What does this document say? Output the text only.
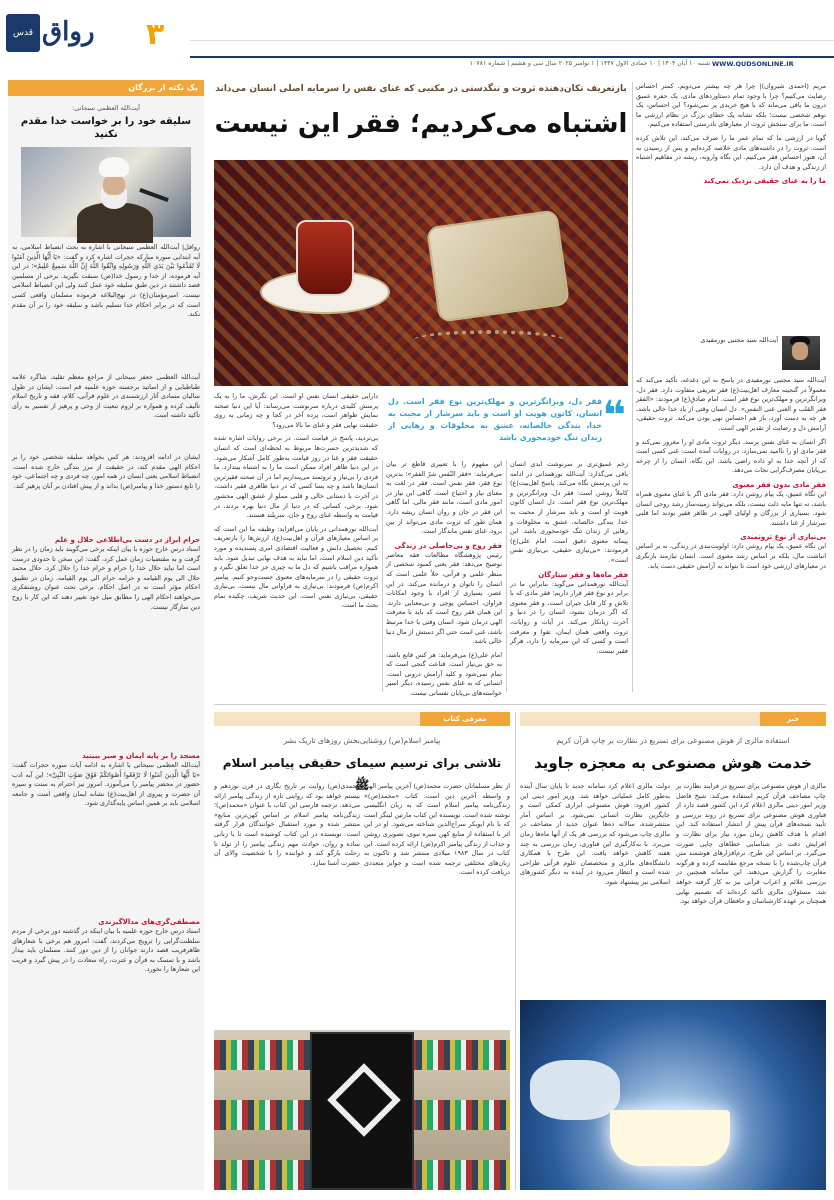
قدس رواق	۳
WWW.QUDSONLINE.IR
شنبه ۱۰ آبان ۱۴۰۴ | ۱۰ جمادی الاول ۱۴۴۷ | ۱ نوامبر ۲۰۲۵ سال سی و هشتم | شماره ۱۰۷۸۱
یک نکته از بزرگان
آیت‌الله العظمی سبحانی:
سلیقه خود را بر خواست خدا مقدم نکنید
روافل| آیت‌الله العظمی سبحانی با اشاره به بحث انضباط اسلامی، به آیه ابتدایی سوره مبارکه حجرات اشاره کرد و گفت: «یَا أَیُّهَا الَّذِینَ آمَنُوا لَا تُقَدِّمُوا بَیْنَ یَدَیِ اللَّهِ وَرَسُولِهِ وَاتَّقُوا اللَّهَ إِنَّ اللَّهَ سَمِیعٌ عَلِیمٌ»؛ در این آیه فرموده، از خدا و رسول خدا(ص) سبقت نگیرید. برخی از مسلمین قصد داشتند در دین طبق سلیقه خود عمل کنند ولی این انضباط اسلامی نیست. امیرمؤمنان(ع) در نهج‌البلاغه فرموده مسلمان واقعی کسی است که در برابر احکام خدا تسلیم باشد و سلیقه خود را بر آن مقدم نکند.
آیت‌الله العظمی جعفر سبحانی از مراجع معظم تقلید، شاگرد علامه طباطبایی و از اساتید برجسته حوزه علمیه قم است. ایشان در طول سالیان متمادی آثار ارزشمندی در علوم قرآنی، کلام، فقه و تاریخ اسلام تألیف کرده و همواره بر لزوم تبعیت از وحی و پرهیز از تفسیر به رأی تأکید داشته است.
ایشان در ادامه افزودند: هر کس بخواهد سلیقه شخصی خود را بر احکام الهی مقدم کند، در حقیقت از مرز بندگی خارج شده است. انضباط اسلامی یعنی انسان در همه امور، چه فردی و چه اجتماعی، خود را تابع دستور خدا و پیامبر(ص) بداند و از پیش افتادن بر آنان پرهیز کند.
حرام ابراز در دست بی‌اطلاعی حلال و علم
استاد درس خارج حوزه با بیان اینکه برخی می‌گویند باید زمان را در نظر گرفت و به مقتضیات زمان عمل کرد، گفت: این سخن تا حدودی درست است اما نباید حلال خدا را حرام و حرام خدا را حلال کرد. حلال محمد حلال الی یوم القیامه و حرامه حرام الی یوم القیامه. زمان در تطبیق احکام مؤثر است نه در اصل احکام. برخی تحت عنوان روشنفکری می‌خواهند احکام الهی را مطابق میل خود تغییر دهند که این کار با روح دین سازگار نیست.
مسجد را بر پایه ایمان و صبر ببینید
آیت‌الله العظمی سبحانی با اشاره به ادامه آیات سوره حجرات گفت: «یَا أَیُّهَا الَّذِینَ آمَنُوا لَا تَرْفَعُوا أَصْوَاتَکُمْ فَوْقَ صَوْتِ النَّبِیِّ»؛ این آیه ادب حضور در محضر پیامبر را می‌آموزد. امروز نیز احترام به سنت و سیره آن حضرت و پیروی از اهل‌بیت(ع) نشانه ایمان واقعی است و جامعه اسلامی باید بر همین اساس پایه‌گذاری شود.
مصطفی‌گری‌های مدالاگیزندی
استاد درس خارج حوزه علمیه با بیان اینکه در گذشته دور برخی از مردم سلطنت‌گرایی را ترویج می‌کردند، گفت: امروز هم برخی با شعارهای ظاهرفریب قصد دارند جوانان را از دین دور کنند. مسلمان باید بیدار باشد و با تمسک به قرآن و عترت، راه سعادت را در پیش گیرد و فریب این شعارها را نخورد.
بازتعریف تکان‌دهنده ثروت و تنگدستی در مکتبی که غنای نفس را سرمایه اصلی انسان می‌داند
اشتباه می‌کردیم؛ فقر این نیست
❝
فقر دل، ویرانگرترین و مهلک‌ترین نوع فقر است. دل انسان، کانون هویت او است و باید سرشار از محبت به خدا، بندگی خالصانه، عشق به مخلوقات و رهایی از زندان تنگ خودمحوری باشد
دارایی حقیقی انسان نفس او است. این نگرش، ما را به یک پرسش کلیدی درباره سرنوشت می‌رساند: آیا این دنیا صحنه نمایش ظواهر است، پرده آخر در کجا و چه زمانی به روی حقیقت نهایی فقر و غنای ما بالا می‌رود؟
بی‌تردید، پاسخ در قیامت است. در برخی روایات اشاره شده که شدیدترین حسرت‌ها مربوط به لحظه‌ای است که انسان حقیقت فقر و غنا در روز قیامت به‌طور کامل آشکار می‌شود. در این دنیا ظاهر افراد ممکن است ما را به اشتباه بیندازد. ما فردی را بی‌نیاز و ثروتمند می‌پنداریم اما در آن صحنه فقیرترین انسان‌ها باشد و چه بسا کسی که در دنیا ظاهری فقیر داشت، در آخرت با دستانی خالی و قلبی مملو از عشق الهی محشور شود. برخی، کسانی که در دنیا از مال دنیا بهره بردند، در قیامت به واسطه غنای روح و جان، سربلند هستند.
آیت‌الله نورهمدانی در پایان می‌افزاید: وظیفه ما این است که بر اساس معیارهای قرآن و اهل‌بیت(ع)، ارزش‌ها را بازتعریف کنیم. تحصیل دانش و فعالیت اقتصادی امری پسندیده و مورد تأکید دین اسلام است، اما نباید به هدف نهایی تبدیل شود. باید همواره مراقب باشیم که دل ما به چیزی جز خدا تعلق نگیرد و ثروت حقیقی را در سرمایه‌های معنوی جست‌وجو کنیم. پیامبر اکرم(ص) فرمودند: بی‌نیازی به فراوانی مال نیست، بی‌نیازی حقیقی، بی‌نیازی نفس است. این حدیث شریف، چکیده تمام بحث ما است.
این مفهوم را با تعبیری قاطع تر بیان می‌فرماید: «فقر النّفس شرّ الفقر»؛ بدترین نوع فقر، فقر نفس است. فقر در لغت به معنای نیاز و احتیاج است. گاهی این نیاز در امور مادی است، مانند فقر مالی. اما گاهی این فقر در جان و روان انسان ریشه دارد. همان طور که ثروت مادی می‌تواند از بین برود، غنای نفس ماندگار است.
فقر روح و بی‌حاصلی در زندگی
رئیس پژوهشگاه مطالعات فقه معاصر توضیح می‌دهد: فقر یعنی کمبود شخصی از منظر علمی و قرآنی، خلأ علمی است که انسان را ناتوان و درمانده می‌کند. در این عصر، بسیاری از افراد با وجود امکانات فراوان، احساس پوچی و بی‌معنایی دارند. این همان فقر روح است که باید با معرفت الهی درمان شود. انسان وقتی با خدا مرتبط باشد، غنی است حتی اگر دستش از مال دنیا خالی باشد.
امام علی(ع) می‌فرماید: هر کس قانع باشد، به حق بی‌نیاز است. قناعت گنجی است که تمام نمی‌شود و کلید آرامش درونی است. انسانی که به غنای نفس رسیده، دیگر اسیر خواسته‌های بی‌پایان نفسانی نیست.
زخم عمیق‌تری بر سرنوشت ابدی انسان باقی می‌گذارد: آیت‌الله نورهمدانی در ادامه به این پرسش نگاه می‌کند. پاسخ اهل‌بیت(ع) کاملاً روشن است: فقر دل، ویرانگرترین و مهلک‌ترین نوع فقر است. دل انسان کانون هویت او است و باید سرشار از محبت به خدا، بندگی خالصانه، عشق به مخلوقات و رهایی از زندان تنگ خودمحوری باشد. این پیمانه معنوی دقیق است. امام علی(ع) فرمودند: «بی‌نیازی حقیقی، بی‌نیازی نفس است».
فقر ماه‌ها و فقر ستارگان
آیت‌الله نورهمدانی می‌گوید: بنابراین ما در برابر دو نوع فقر قرار داریم؛ فقر مادی که با تلاش و کار قابل جبران است، و فقر معنوی که اگر درمان نشود، انسان را در دنیا و آخرت زیانکار می‌کند. در آیات و روایات، ثروت واقعی همان ایمان، تقوا و معرفت است و کسی که این سرمایه را دارد، هرگز فقیر نیست.
مریم (احمدی شیروان)| چرا هر چه بیشتر می‌دویم، کمتر احساس رضایت می‌کنیم؟ چرا با وجود تمام دستاوردهای مادی، یک حفره عمیق درون ما باقی می‌ماند که با هیچ خریدی پر نمی‌شود؟ این احساس، یک توهم شخصی نیست؛ بلکه نشانه یک خطای بزرگ در نظام ارزشی ما است. ما برای سنجش ثروت از معیارهای نادرستی استفاده می‌کنیم.
گویا در ارزشی ما که تمام عمر ما را صرف می‌کند، این تلاش کرده است. ثروت را در داشته‌های مادی خلاصه کرده‌ایم و پس از رسیدن به آن، هنوز احساس فقر می‌کنیم. این نگاه وارونه، ریشه در مفاهیم اشتباه از زندگی و هدف آن دارد.
ما را به غنای حقیقی نزدیک نمی‌کند
آیت‌الله سید مجتبی نورمفیدی
آیت‌الله سید مجتبی نورمفیدی در پاسخ به این دغدغه، تأکید می‌کند که معمولاً در گنجینه معارف اهل‌بیت(ع) فقر تعریفی متفاوت دارد. فقر دل، ویرانگرترین و مهلک‌ترین نوع فقر است. امام صادق(ع) فرمودند: «الفقر فقر القلب و الغنی غنی النفس». دل انسان وقتی از یاد خدا خالی باشد، هر چه به دست آورد، باز هم احساس تهی بودن می‌کند. ثروت حقیقی، آرامش دل و رضایت از تقدیر الهی است.
اگر انسان به غنای نفس برسد، دیگر ثروت مادی او را مغرور نمی‌کند و فقر مادی او را ناامید نمی‌سازد. در روایات آمده است: غنی کسی است که از آنچه خدا به او داده راضی باشد. این نگاه، انسان را از چرخه بی‌پایان مصرف‌گرایی نجات می‌دهد.
فقر مادی بدون فقر معنوی
این نگاه عمیق، یک پیام روشن دارد: فقر مادی اگر با غنای معنوی همراه باشد، نه تنها مایه ذلت نیست، بلکه می‌تواند زمینه‌ساز رشد روحی انسان شود. بسیاری از بزرگان و اولیای الهی در ظاهر فقیر بودند اما قلبی سرشار از غنا داشتند.
بی‌نیازی از نوع ثروتمندی
این نگاه عمیق، یک پیام روشن دارد: اولویت‌بندی در زندگی، نه بر اساس انباشت مال، بلکه بر اساس رشد معنوی است. انسان نیازمند بازنگری در معیارهای ارزشی خود است تا بتواند به آرامش حقیقی دست یابد.
خبر
استفاده مالزی از هوش مصنوعی برای تسریع در نظارت بر چاپ قرآن کریم
خدمت هوش مصنوعی به معجزه جاوید
مالزی از هوش مصنوعی برای تسریع در فرایند نظارت بر چاپ مصاحف قرآن کریم استفاده می‌کند. شیخ فاضل وزیر امور دینی مالزی اعلام کرد این کشور قصد دارد از فناوری هوش مصنوعی برای تسریع در روند بررسی و تأیید نسخه‌های قرآن پیش از انتشار استفاده کند. این اقدام با هدف کاهش زمان مورد نیاز برای نظارت و افزایش دقت در شناسایی خطاهای چاپی صورت می‌گیرد. بر اساس این طرح، نرم‌افزارهای هوشمند متن قرآن چاپ‌شده را با نسخه مرجع مقایسه کرده و هرگونه مغایرت را گزارش می‌دهند. این سامانه همچنین در بررسی علائم و اعراب قرآنی نیز به کار گرفته خواهد شد. مسئولان مالزی تأکید کرده‌اند که تصمیم نهایی همچنان بر عهده کارشناسان و حافظان قرآن خواهد بود.
دولت مالزی اعلام کرد سامانه جدید تا پایان سال آینده به‌طور کامل عملیاتی خواهد شد. وزیر امور دینی این کشور افزود: هوش مصنوعی ابزاری کمکی است و جایگزین نظارت انسانی نمی‌شود. بر اساس آمار منتشرشده، سالانه ده‌ها عنوان جدید از مصاحف در مالزی چاپ می‌شود که بررسی هر یک از آنها ماه‌ها زمان می‌برد. با به‌کارگیری این فناوری، زمان بررسی به چند هفته کاهش خواهد یافت. این طرح با همکاری دانشگاه‌های مالزی و متخصصان علوم قرآنی طراحی شده است و انتظار می‌رود در آینده به دیگر کشورهای اسلامی نیز پیشنهاد شود.
معرفی کتاب
پیامبر اسلام(ص) روشنایی‌بخش روزهای تاریک بشر
تلاشی برای ترسیم سیمای حقیقی پیامبر اسلام ﷺ
از نظر مسلمانان حضرت محمد(ص) آخرین پیامبر الهی و واسطه آخرین دین است. کتاب «محمد(ص)» زندگی‌نامه پیامبر اسلام است که به زبان انگلیسی نوشته شده است. نویسنده این کتاب مارتین لینگز است که با نام ابوبکر سراج‌الدین شناخته می‌شود. او در این اثر با استفاده از منابع کهن سیره نبوی، تصویری روشن و جذاب از زندگی پیامبر اکرم(ص) ارائه کرده است. این کتاب در سال ۱۹۸۳ میلادی منتشر شد و تاکنون به زبان‌های مختلفی ترجمه شده است و جوایز متعددی دریافت کرده است.
محمدی(ص) روایت بر تاریخ نگاری در قرن نوزدهم و بیستم خواهد بود که روایتی تازه از زندگی پیامبر ارائه می‌دهد. ترجمه فارسی این کتاب با عنوان «محمد(ص)؛ زندگی‌نامه پیامبر اسلام بر اساس کهن‌ترین منابع» منتشر شده و مورد استقبال خوانندگان قرار گرفته است. نویسنده در این کتاب کوشیده است تا با زبانی ساده و روان، حوادث مهم زندگی پیامبر را از تولد تا رحلت بازگو کند و خواننده را با شخصیت والای آن حضرت آشنا سازد.
